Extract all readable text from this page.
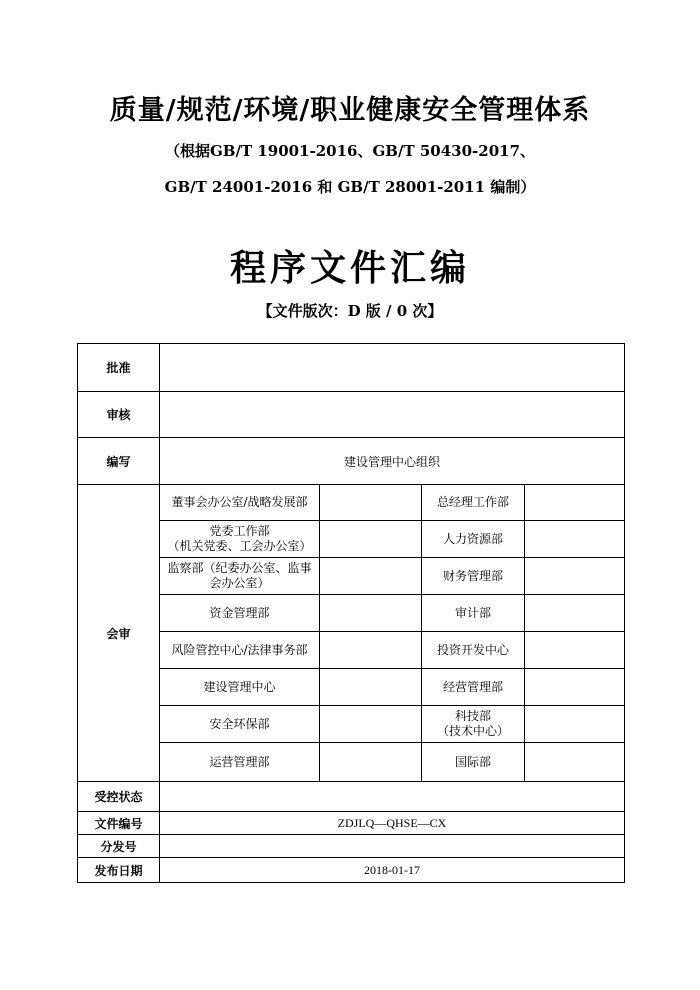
质量/规范/环境/职业健康安全管理体系
（根据GB/T 19001-2016、GB/T 50430-2017、
GB/T 24001-2016 和 GB/T 28001-2011 编制）
程序文件汇编
【文件版次：D 版 / 0 次】
批准				
审核				
编写	建设管理中心组织			
会审	董事会办公室/战略发展部		总经理工作部	
	党委工作部
（机关党委、工会办公室）		人力资源部	
	监察部（纪委办公室、监事
会办公室）		财务管理部	
	资金管理部		审计部	
	风险管控中心/法律事务部		投资开发中心	
	建设管理中心		经营管理部	
	安全环保部		科技部
（技术中心）	
	运营管理部		国际部	
受控状态				
文件编号	ZDJLQ—QHSE—CX			
分发号				
发布日期	2018-01-17			
